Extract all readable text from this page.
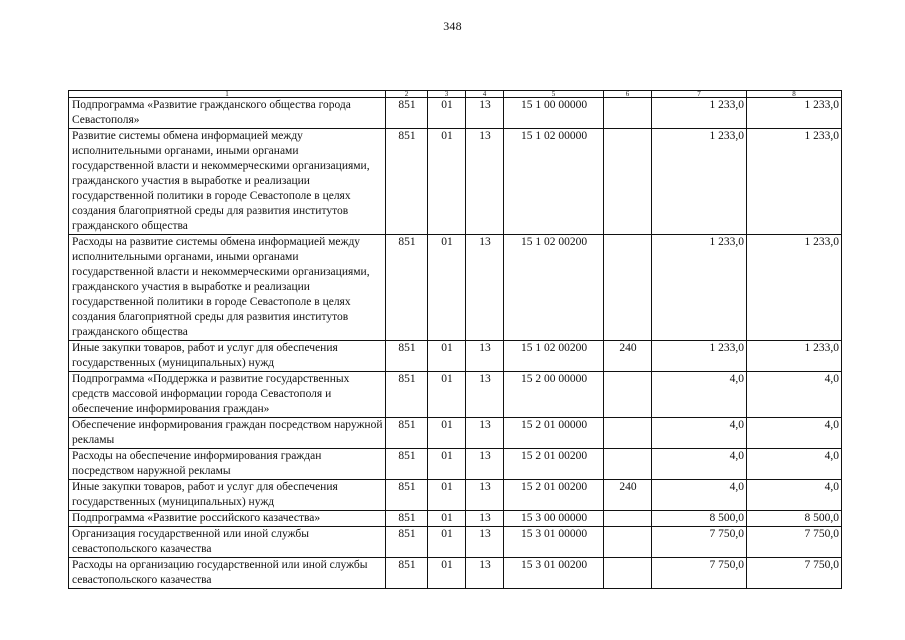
348
1	2	3	4	5	6	7	8
Подпрограмма «Развитие гражданского общества города Севастополя»	851	01	13	15 1 00 00000		1 233,0	1 233,0
Развитие системы обмена информацией между исполнительными органами, иными органами государственной власти и некоммерческими организациями, гражданского участия в выработке и реализации государственной политики в городе Севастополе в целях создания благоприятной среды для развития институтов гражданского общества	851	01	13	15 1 02 00000		1 233,0	1 233,0
Расходы на развитие системы обмена информацией между исполнительными органами, иными органами государственной власти и некоммерческими организациями, гражданского участия в выработке и реализации государственной политики в городе Севастополе в целях создания благоприятной среды для развития институтов гражданского общества	851	01	13	15 1 02 00200		1 233,0	1 233,0
Иные закупки товаров, работ и услуг для обеспечения государственных (муниципальных) нужд	851	01	13	15 1 02 00200	240	1 233,0	1 233,0
Подпрограмма «Поддержка и развитие государственных средств массовой информации города Севастополя и обеспечение информирования граждан»	851	01	13	15 2 00 00000		4,0	4,0
Обеспечение информирования граждан посредством наружной рекламы	851	01	13	15 2 01 00000		4,0	4,0
Расходы на обеспечение информирования граждан посредством наружной рекламы	851	01	13	15 2 01 00200		4,0	4,0
Иные закупки товаров, работ и услуг для обеспечения государственных (муниципальных) нужд	851	01	13	15 2 01 00200	240	4,0	4,0
Подпрограмма «Развитие российского казачества»	851	01	13	15 3 00 00000		8 500,0	8 500,0
Организация государственной или иной службы севастопольского казачества	851	01	13	15 3 01 00000		7 750,0	7 750,0
Расходы на организацию государственной или иной службы севастопольского казачества	851	01	13	15 3 01 00200		7 750,0	7 750,0
